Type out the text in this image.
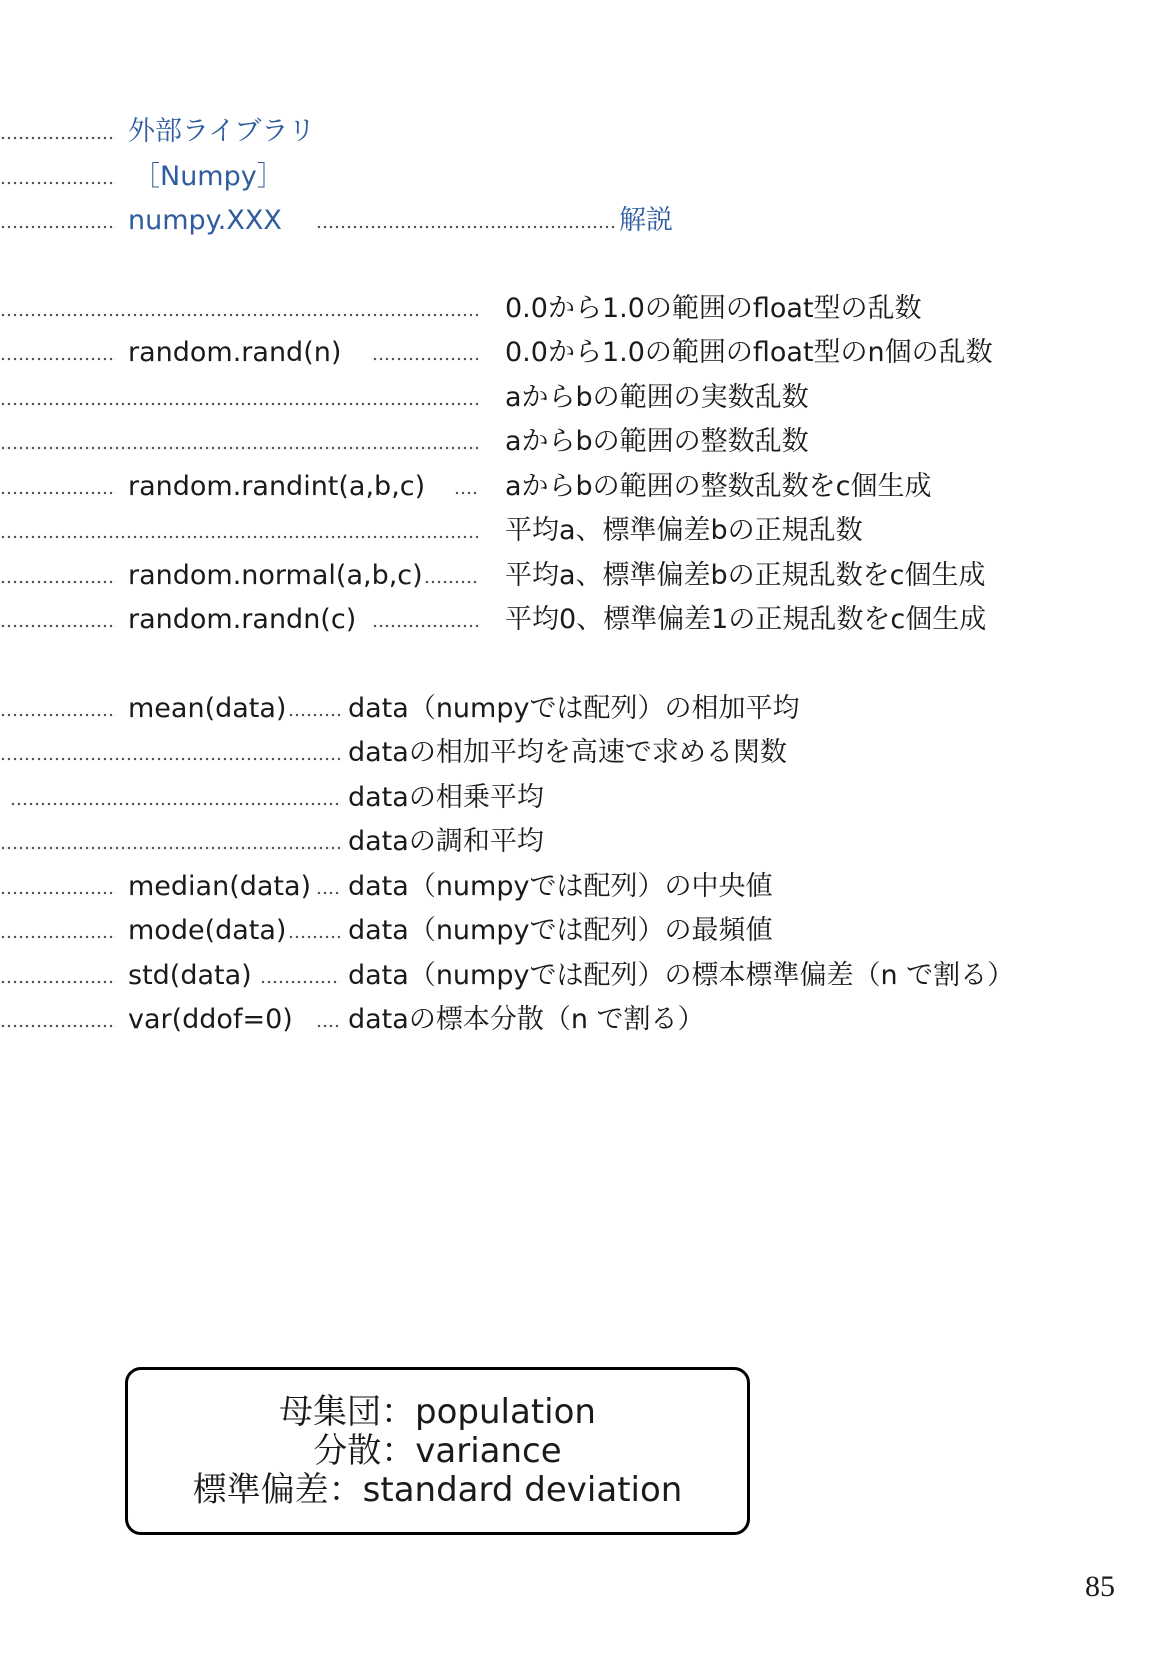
外部ライブラリ
［Numpy］
numpy.XXX	解説
0.0から1.0の範囲のfloat型の乱数
random.rand(n)	0.0から1.0の範囲のfloat型のn個の乱数
aからbの範囲の実数乱数
aからbの範囲の整数乱数
random.randint(a,b,c)	aからbの範囲の整数乱数をc個生成
平均a、標準偏差bの正規乱数
random.normal(a,b,c)	平均a、標準偏差bの正規乱数をc個生成
random.randn(c)	平均0、標準偏差1の正規乱数をc個生成
mean(data) data（numpyでは配列）の相加平均
dataの相加平均を高速で求める関数
dataの相乗平均
dataの調和平均
median(data) data（numpyでは配列）の中央値
mode(data) data（numpyでは配列）の最頻値
std(data)	data（numpyでは配列）の標本標準偏差（n で割る）
var(ddof=0) dataの標本分散（n で割る）
母集団：population
分散：variance
標準偏差：standard deviation
85
